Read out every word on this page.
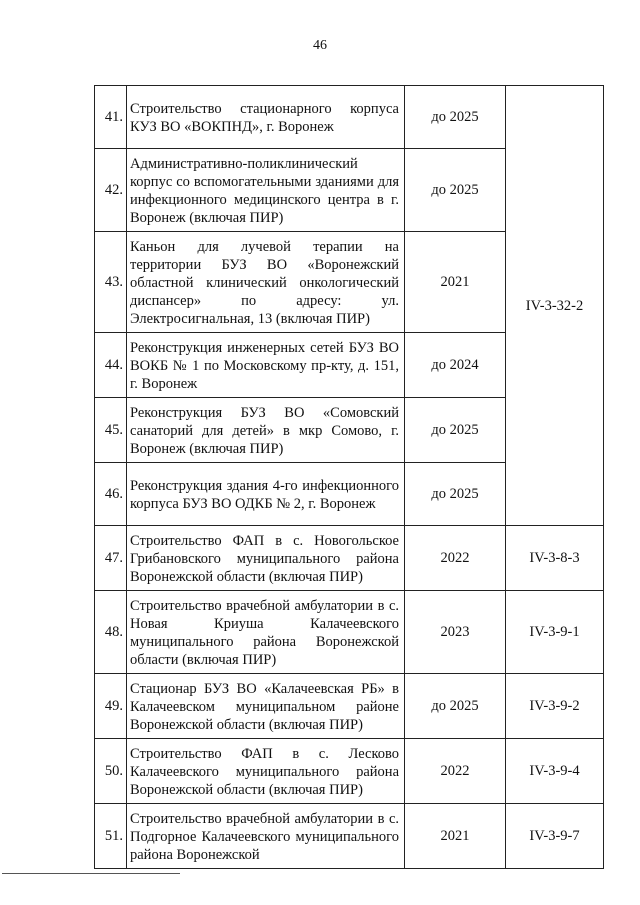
46
41.	Строительство стационарного корпуса КУЗ ВО «ВОКПНД», г. Воронеж	до 2025	IV-3-32-2
42.	Административно-поликлинический корпус со вспомогательными зданиями для инфекционного медицинского центра в г. Воронеж (включая ПИР)	до 2025	
43.	Каньон для лучевой терапии на территории БУЗ ВО «Воронежский областной клинический онкологический диспансер» по адресу: ул. Электросигнальная, 13 (включая ПИР)	2021	
44.	Реконструкция инженерных сетей БУЗ ВО ВОКБ № 1 по Московскому пр-кту, д. 151, г. Воронеж	до 2024	
45.	Реконструкция БУЗ ВО «Сомовский санаторий для детей» в мкр Сомово, г. Воронеж (включая ПИР)	до 2025	
46.	Реконструкция здания 4-го инфекционного корпуса БУЗ ВО ОДКБ № 2, г. Воронеж	до 2025	
47.	Строительство ФАП в с. Новогольское Грибановского муниципального района Воронежской области (включая ПИР)	2022	IV-3-8-3
48.	Строительство врачебной амбулатории в с. Новая Криуша Калачеевского муниципального района Воронежской области (включая ПИР)	2023	IV-3-9-1
49.	Стационар БУЗ ВО «Калачеевская РБ» в Калачеевском муниципальном районе Воронежской области (включая ПИР)	до 2025	IV-3-9-2
50.	Строительство ФАП в с. Лесково Калачеевского муниципального района Воронежской области (включая ПИР)	2022	IV-3-9-4
51.	Строительство врачебной амбулатории в с. Подгорное Калачеевского муниципального района Воронежской	2021	IV-3-9-7
